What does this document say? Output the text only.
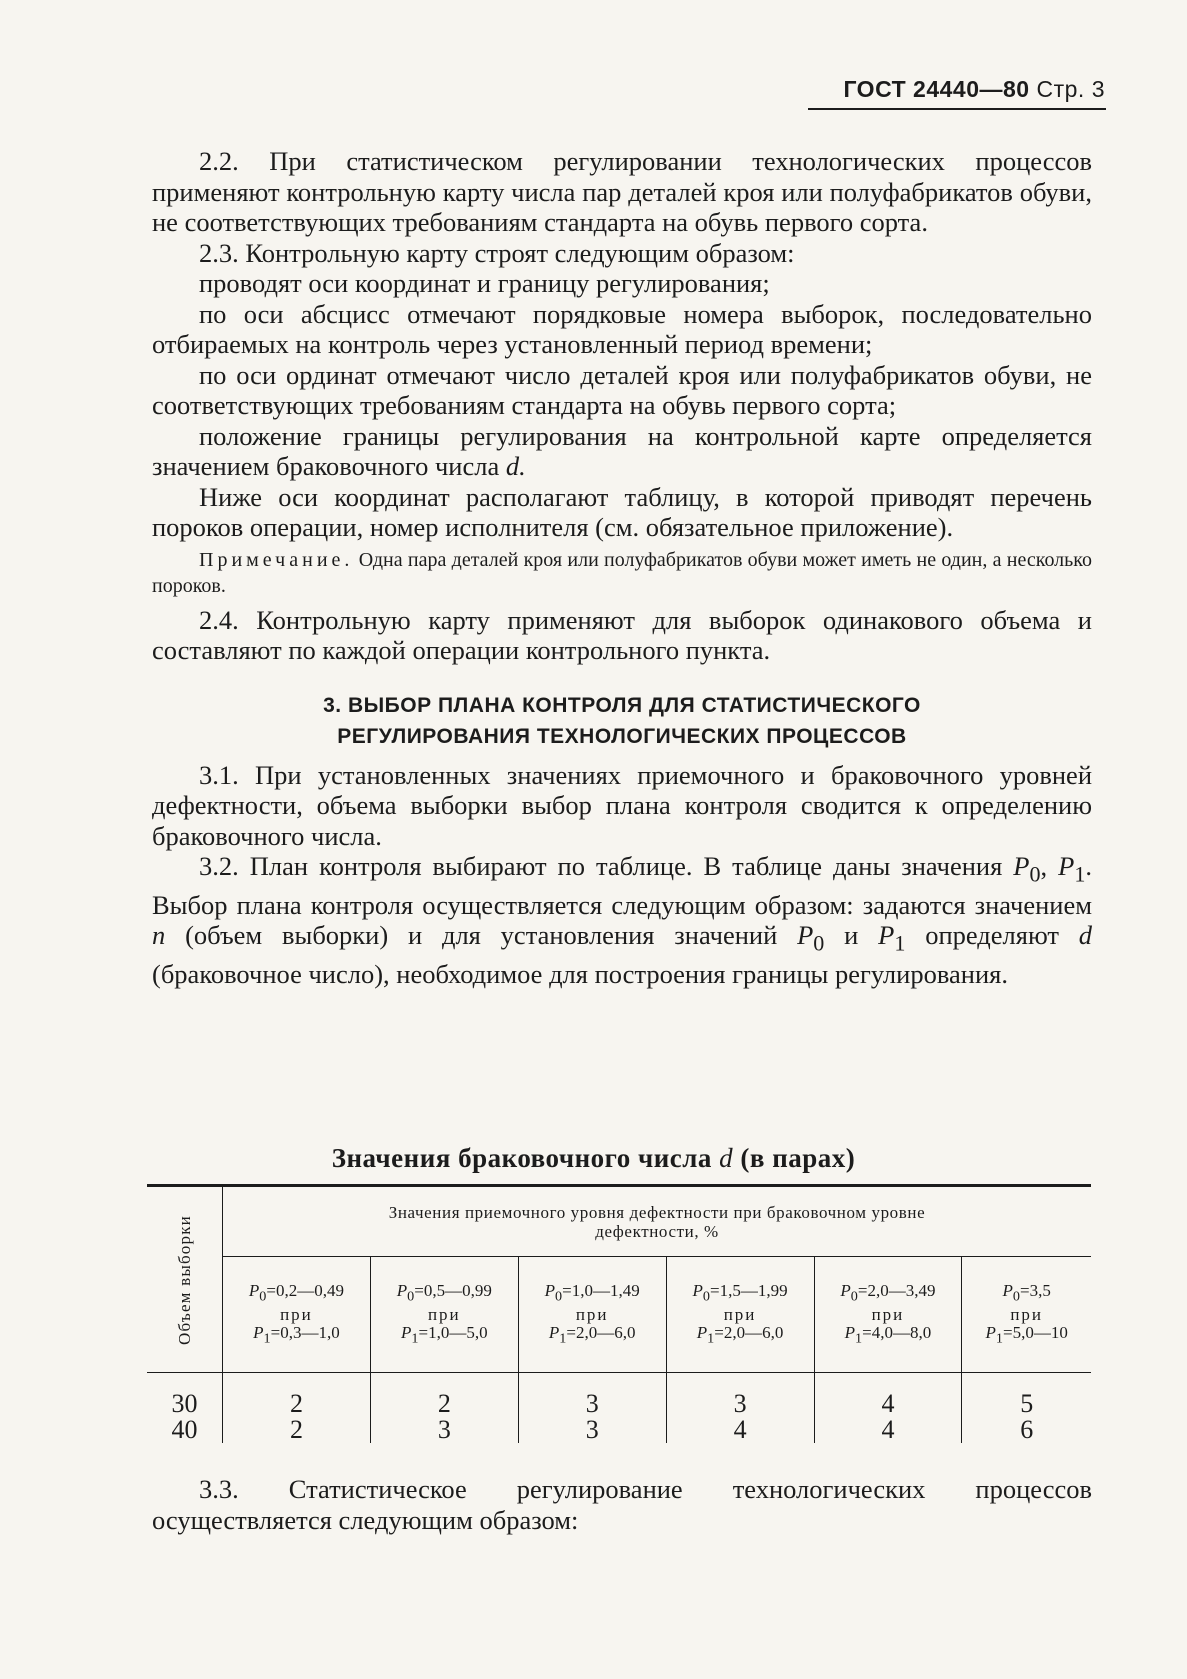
ГОСТ 24440—80 Стр. 3

2.2. При статистическом регулировании технологических процессов применяют контрольную карту числа пар деталей кроя или полуфабрикатов обуви, не соответствующих требованиям стандарта на обувь первого сорта.

2.3. Контрольную карту строят следующим образом:

проводят оси координат и границу регулирования;

по оси абсцисс отмечают порядковые номера выборок, последовательно отбираемых на контроль через установленный период времени;

по оси ординат отмечают число деталей кроя или полуфабрикатов обуви, не соответствующих требованиям стандарта на обувь первого сорта;

положение границы регулирования на контрольной карте определяется значением браковочного числа d.

Ниже оси координат располагают таблицу, в которой приводят перечень пороков операции, номер исполнителя (см. обязательное приложение).

Примечание. Одна пара деталей кроя или полуфабрикатов обуви может иметь не один, а несколько пороков.

2.4. Контрольную карту применяют для выборок одинакового объема и составляют по каждой операции контрольного пункта.

3. ВЫБОР ПЛАНА КОНТРОЛЯ ДЛЯ СТАТИСТИЧЕСКОГО
РЕГУЛИРОВАНИЯ ТЕХНОЛОГИЧЕСКИХ ПРОЦЕССОВ

3.1. При установленных значениях приемочного и браковочного уровней дефектности, объема выборки выбор плана контроля сводится к определению браковочного числа.

3.2. План контроля выбирают по таблице. В таблице даны значения $P_0$, $P_1$. Выбор плана контроля осуществляется следующим образом: задаются значением n (объем выборки) и для установления значений $P_0$ и $P_1$ определяют d (браковочное число), необходимое для построения границы регулирования.

Значения браковочного числа d (в парах)
Объем выборки	Значения приемочного уровня дефектности при браковочном уровне
дефектности, %					
	$P_0=0,2—0,49$
при
$P_1=0,3—1,0$	$P_0=0,5—0,99$
при
$P_1=1,0—5,0$	$P_0=1,0—1,49$
при
$P_1=2,0—6,0$	$P_0=1,5—1,99$
при
$P_1=2,0—6,0$	$P_0=2,0—3,49$
при
$P_1=4,0—8,0$	$P_0=3,5$
при
$P_1=5,0—10$
30	2	2	3	3	4	5
40	2	3	3	4	4	6

3.3. Статистическое регулирование технологических процессов осуществляется следующим образом:
